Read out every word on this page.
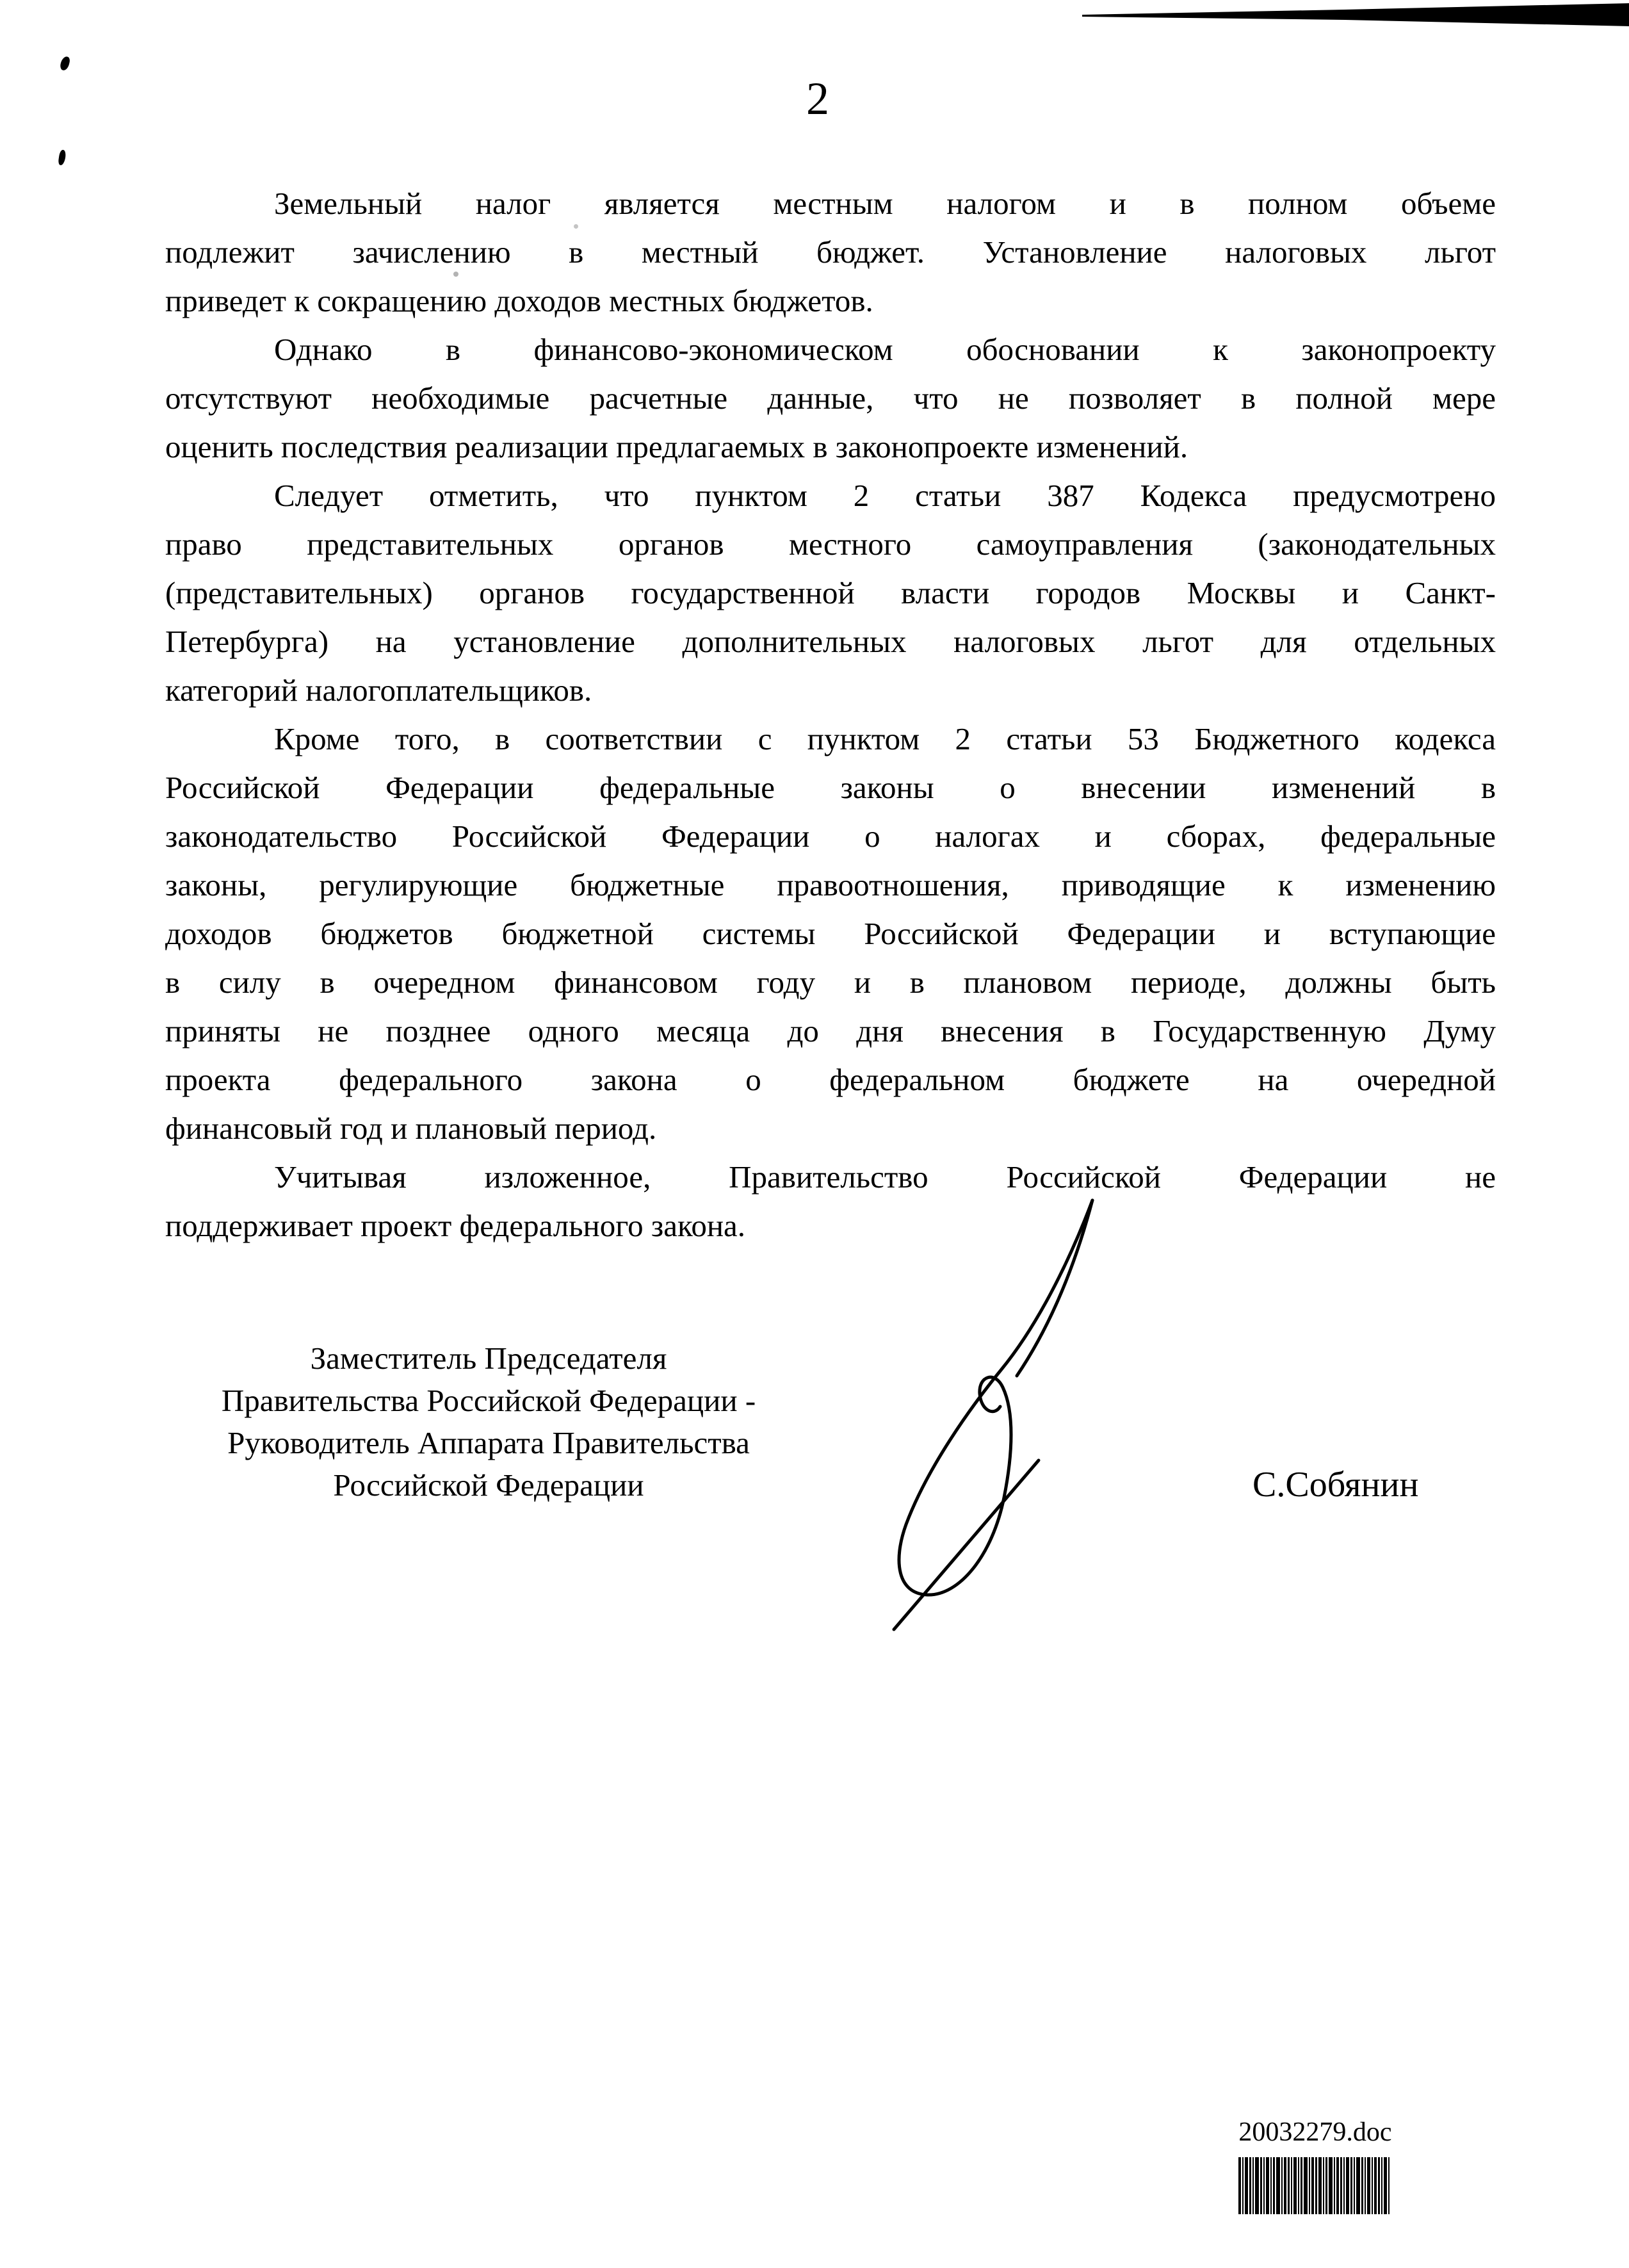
2
Земельный налог является местным налогом и в полном объеме
подлежит зачислению в местный бюджет. Установление налоговых льгот
приведет к сокращению доходов местных бюджетов.
Однако в финансово-экономическом обосновании к законопроекту
отсутствуют необходимые расчетные данные, что не позволяет в полной мере
оценить последствия реализации предлагаемых в законопроекте изменений.
Следует отметить, что пунктом 2 статьи 387 Кодекса предусмотрено
право представительных органов местного самоуправления (законодательных
(представительных) органов государственной власти городов Москвы и Санкт-
Петербурга) на установление дополнительных налоговых льгот для отдельных
категорий налогоплательщиков.
Кроме того, в соответствии с пунктом 2 статьи 53 Бюджетного кодекса
Российской Федерации федеральные законы о внесении изменений в
законодательство Российской Федерации о налогах и сборах, федеральные
законы, регулирующие бюджетные правоотношения, приводящие к изменению
доходов бюджетов бюджетной системы Российской Федерации и вступающие
в силу в очередном финансовом году и в плановом периоде, должны быть
приняты не позднее одного месяца до дня внесения в Государственную Думу
проекта федерального закона о федеральном бюджете на очередной
финансовый год и плановый период.
Учитывая изложенное, Правительство Российской Федерации не
поддерживает проект федерального закона.
Заместитель Председателя
Правительства Российской Федерации -
Руководитель Аппарата Правительства
Российской Федерации	С.Собянин
20032279.doc
